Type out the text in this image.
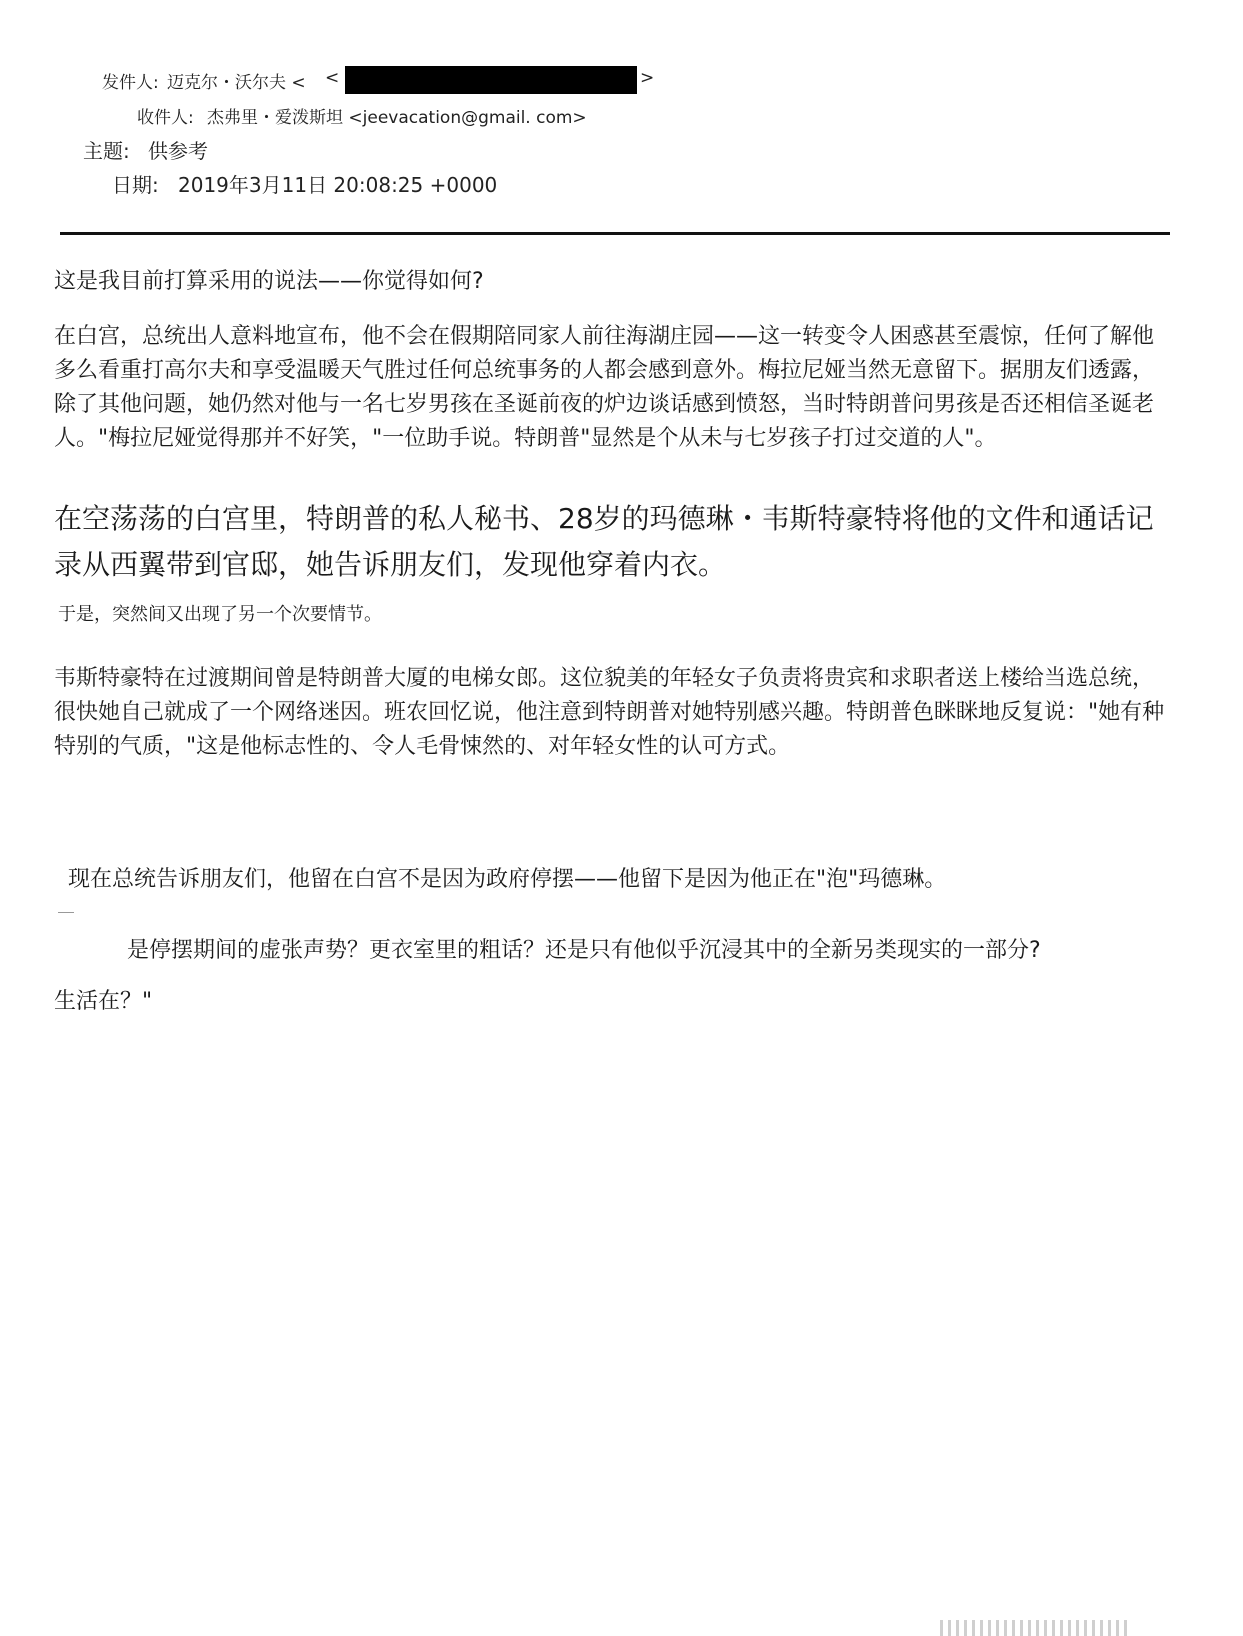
发件人: 迈克尔・沃尔夫 < <	>
收件人: 杰弗里・爱泼斯坦 <jeevacation@gmail. com>
主题: 供参考
日期: 2019年3月11日 20:08:25 +0000

这是我目前打算采用的说法——你觉得如何?

在白宫，总统出人意料地宣布，他不会在假期陪同家人前往海湖庄园——这一转变令人困惑甚至震惊，任何了解他多么看重打高尔夫和享受温暖天气胜过任何总统事务的人都会感到意外。梅拉尼娅当然无意留下。据朋友们透露，除了其他问题，她仍然对他与一名七岁男孩在圣诞前夜的炉边谈话感到愤怒，当时特朗普问男孩是否还相信圣诞老人。"梅拉尼娅觉得那并不好笑，"一位助手说。特朗普"显然是个从未与七岁孩子打过交道的人"。

在空荡荡的白宫里，特朗普的私人秘书、28岁的玛德琳・韦斯特豪特将他的文件和通话记录从西翼带到官邸，她告诉朋友们，发现他穿着内衣。

于是，突然间又出现了另一个次要情节。

韦斯特豪特在过渡期间曾是特朗普大厦的电梯女郎。这位貌美的年轻女子负责将贵宾和求职者送上楼给当选总统，很快她自己就成了一个网络迷因。班农回忆说，他注意到特朗普对她特别感兴趣。特朗普色眯眯地反复说："她有种特别的气质，"这是他标志性的、令人毛骨悚然的、对年轻女性的认可方式。

现在总统告诉朋友们，他留在白宫不是因为政府停摆——他留下是因为他正在"泡"玛德琳。

是停摆期间的虚张声势？更衣室里的粗话？还是只有他似乎沉浸其中的全新另类现实的一部分?

生活在？"
